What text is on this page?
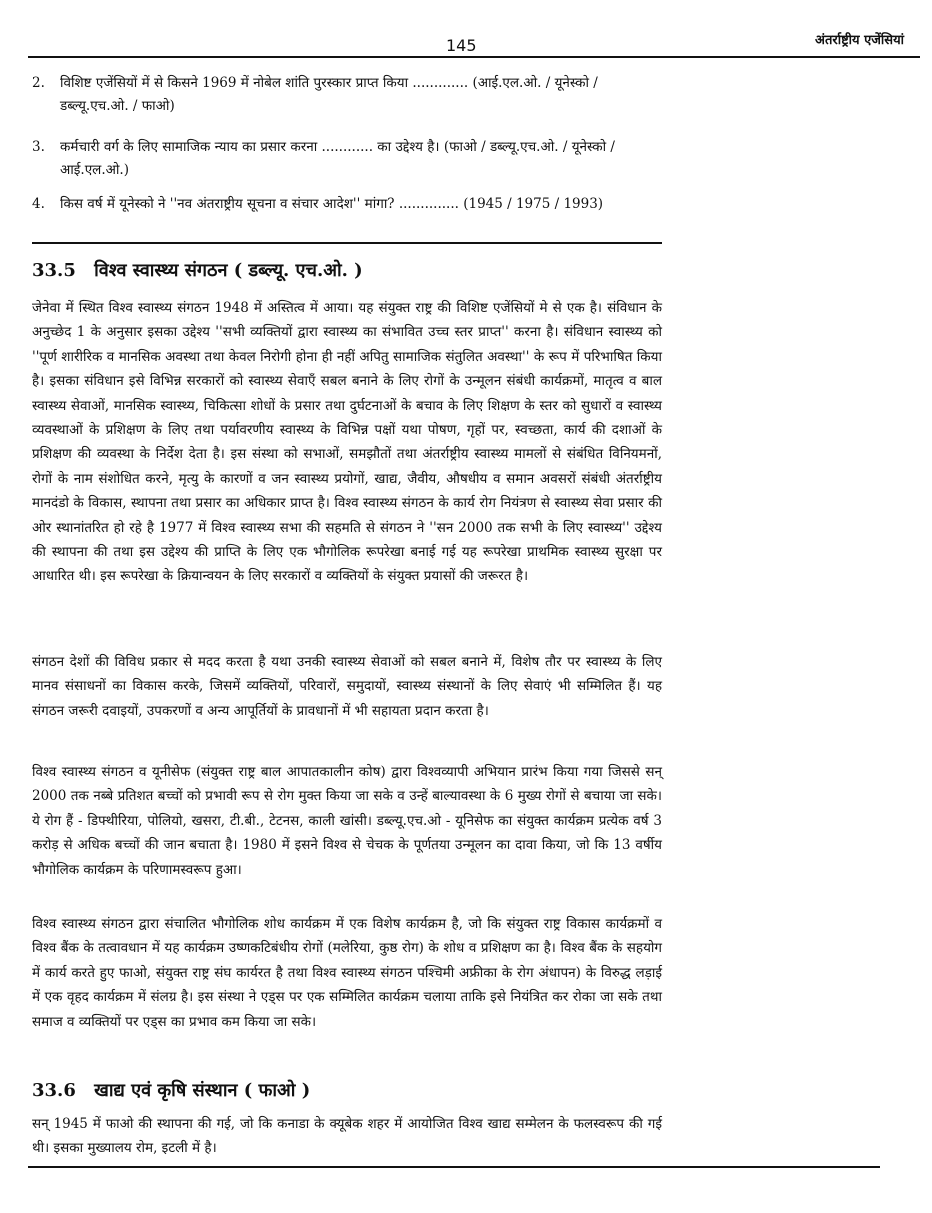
145	अंतर्राष्ट्रीय एजेंसियां
2. विशिष्ट एजेंसियों में से किसने 1969 में नोबेल शांति पुरस्कार प्राप्त किया ............. (आई.एल.ओ. / यूनेस्को / डब्ल्यू.एच.ओ. / फाओ)
3. कर्मचारी वर्ग के लिए सामाजिक न्याय का प्रसार करना ............ का उद्देश्य है। (फाओ / डब्ल्यू.एच.ओ. / यूनेस्को / आई.एल.ओ.)
4. किस वर्ष में यूनेस्को ने ''नव अंतराष्ट्रीय सूचना व संचार आदेश'' मांगा? .............. (1945 / 1975 / 1993)
33.5 विश्व स्वास्थ्य संगठन ( डब्ल्यू. एच.ओ. )

जेनेवा में स्थित विश्व स्वास्थ्य संगठन 1948 में अस्तित्व में आया। यह संयुक्त राष्ट्र की विशिष्ट एजेंसियों मे से एक है। संविधान के अनुच्छेद 1 के अनुसार इसका उद्देश्य ''सभी व्यक्तियों द्वारा स्वास्थ्य का संभावित उच्च स्तर प्राप्त'' करना है। संविधान स्वास्थ्य को ''पूर्ण शारीरिक व मानसिक अवस्था तथा केवल निरोगी होना ही नहीं अपितु सामाजिक संतुलित अवस्था'' के रूप में परिभाषित किया है। इसका संविधान इसे विभिन्न सरकारों को स्वास्थ्य सेवाएँ सबल बनाने के लिए रोगों के उन्मूलन संबंधी कार्यक्रमों, मातृत्व व बाल स्वास्थ्य सेवाओं, मानसिक स्वास्थ्य, चिकित्सा शोधों के प्रसार तथा दुर्घटनाओं के बचाव के लिए शिक्षण के स्तर को सुधारों व स्वास्थ्य व्यवस्थाओं के प्रशिक्षण के लिए तथा पर्यावरणीय स्वास्थ्य के विभिन्न पक्षों यथा पोषण, गृहों पर, स्वच्छता, कार्य की दशाओं के प्रशिक्षण की व्यवस्था के निर्देश देता है। इस संस्था को सभाओं, समझौतों तथा अंतर्राष्ट्रीय स्वास्थ्य मामलों से संबंधित विनियमनों, रोगों के नाम संशोधित करने, मृत्यु के कारणों व जन स्वास्थ्य प्रयोगों, खाद्य, जैवीय, औषधीय व समान अवसरों संबंधी अंतर्राष्ट्रीय मानदंडो के विकास, स्थापना तथा प्रसार का अधिकार प्राप्त है। विश्व स्वास्थ्य संगठन के कार्य रोग नियंत्रण से स्वास्थ्य सेवा प्रसार की ओर स्थानांतरित हो रहे है 1977 में विश्व स्वास्थ्य सभा की सहमति से संगठन ने ''सन 2000 तक सभी के लिए स्वास्थ्य'' उद्देश्य की स्थापना की तथा इस उद्देश्य की प्राप्ति के लिए एक भौगोलिक रूपरेखा बनाई गई यह रूपरेखा प्राथमिक स्वास्थ्य सुरक्षा पर आधारित थी। इस रूपरेखा के क्रियान्वयन के लिए सरकारों व व्यक्तियों के संयुक्त प्रयासों की जरूरत है।

संगठन देशों की विविध प्रकार से मदद करता है यथा उनकी स्वास्थ्य सेवाओं को सबल बनाने में, विशेष तौर पर स्वास्थ्य के लिए मानव संसाधनों का विकास करके, जिसमें व्यक्तियों, परिवारों, समुदायों, स्वास्थ्य संस्थानों के लिए सेवाएं भी सम्मिलित हैं। यह संगठन जरूरी दवाइयों, उपकरणों व अन्य आपूर्तियों के प्रावधानों में भी सहायता प्रदान करता है।

विश्व स्वास्थ्य संगठन व यूनीसेफ (संयुक्त राष्ट्र बाल आपातकालीन कोष) द्वारा विश्वव्यापी अभियान प्रारंभ किया गया जिससे सन् 2000 तक नब्बे प्रतिशत बच्चों को प्रभावी रूप से रोग मुक्त किया जा सके व उन्हें बाल्यावस्था के 6 मुख्य रोगों से बचाया जा सके। ये रोग हैं - डिफ्थीरिया, पोलियो, खसरा, टी.बी., टेटनस, काली खांसी। डब्ल्यू.एच.ओ - यूनिसेफ का संयुक्त कार्यक्रम प्रत्येक वर्ष 3 करोड़ से अधिक बच्चों की जान बचाता है। 1980 में इसने विश्व से चेचक के पूर्णतया उन्मूलन का दावा किया, जो कि 13 वर्षीय भौगोलिक कार्यक्रम के परिणामस्वरूप हुआ।

विश्व स्वास्थ्य संगठन द्वारा संचालित भौगोलिक शोध कार्यक्रम में एक विशेष कार्यक्रम है, जो कि संयुक्त राष्ट्र विकास कार्यक्रमों व विश्व बैंक के तत्वावधान में यह कार्यक्रम उष्णकटिबंधीय रोगों (मलेरिया, कुष्ठ रोग) के शोध व प्रशिक्षण का है। विश्व बैंक के सहयोग में कार्य करते हुए फाओ, संयुक्त राष्ट्र संघ कार्यरत है तथा विश्व स्वास्थ्य संगठन पश्चिमी अफ्रीका के रोग अंधापन) के विरुद्ध लड़ाई में एक वृहद कार्यक्रम में संलग्र है। इस संस्था ने एड्स पर एक सम्मिलित कार्यक्रम चलाया ताकि इसे नियंत्रित कर रोका जा सके तथा समाज व व्यक्तियों पर एड्स का प्रभाव कम किया जा सके।

33.6 खाद्य एवं कृषि संस्थान ( फाओ )

सन् 1945 में फाओ की स्थापना की गई, जो कि कनाडा के क्यूबेक शहर में आयोजित विश्व खाद्य सम्मेलन के फलस्वरूप की गई थी। इसका मुख्यालय रोम, इटली में है।
